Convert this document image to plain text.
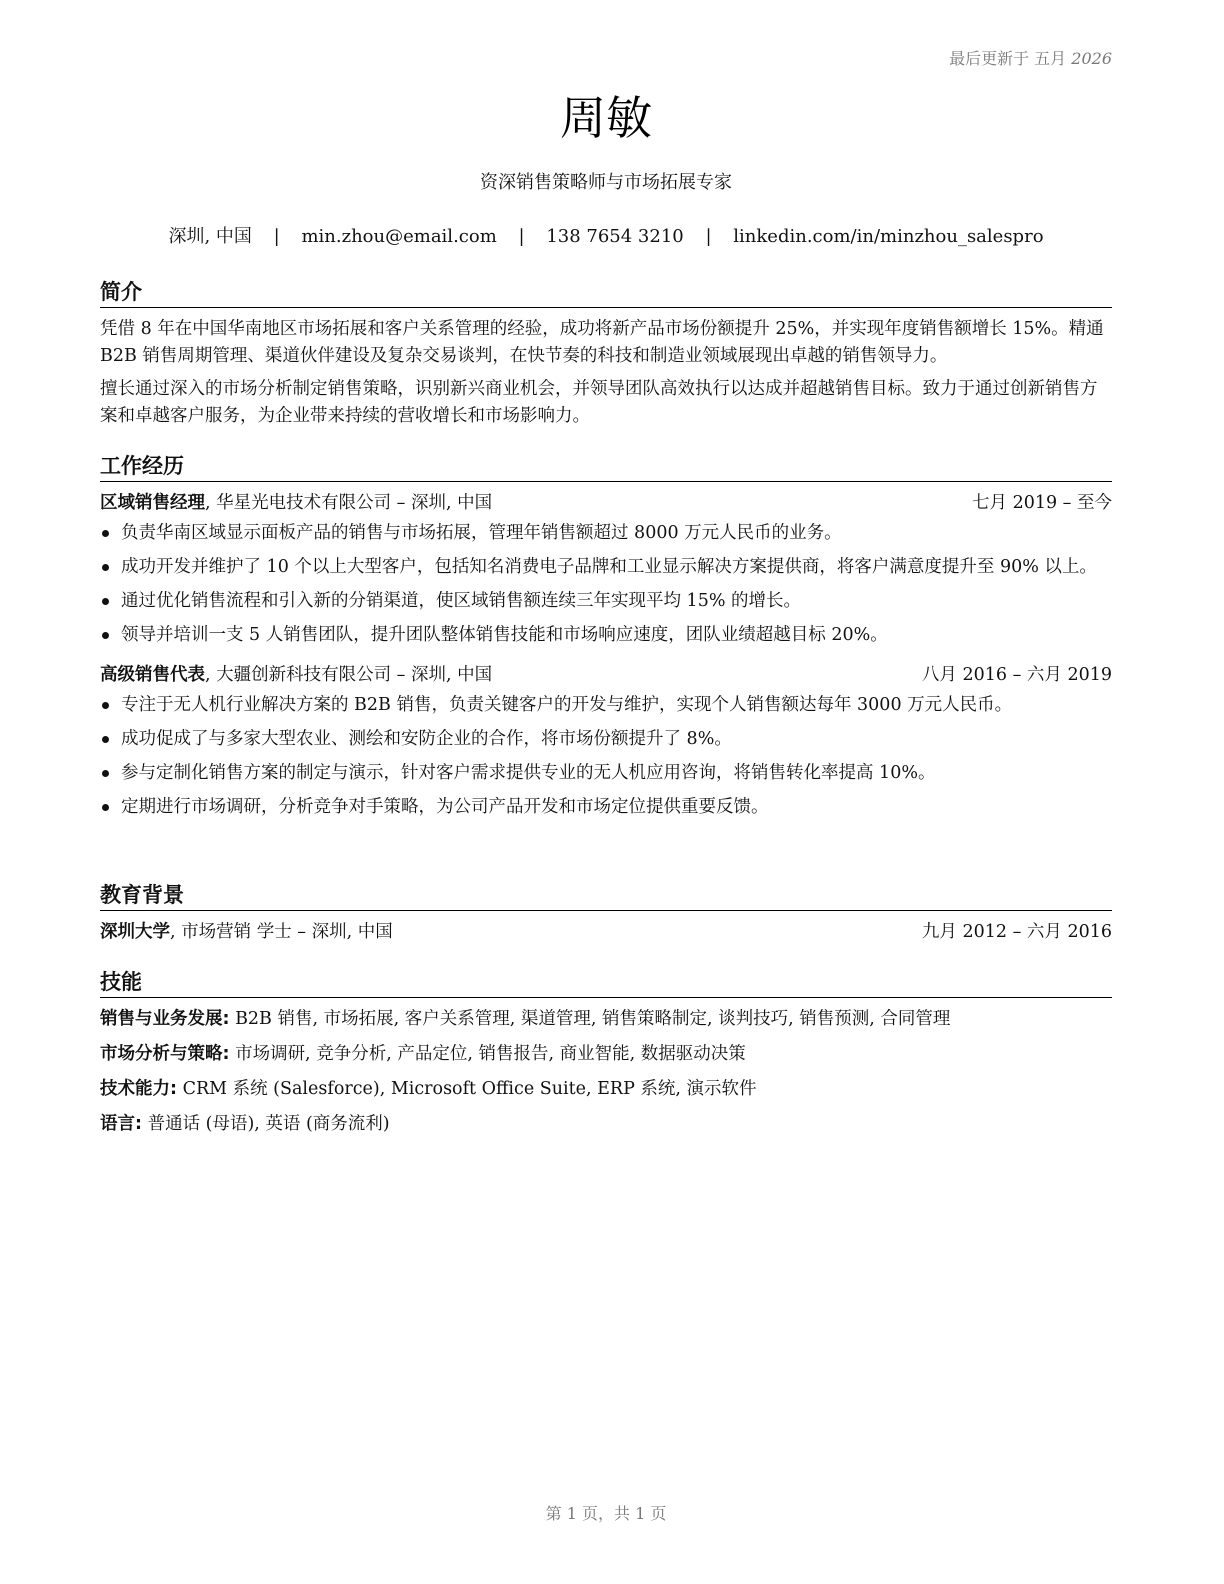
最后更新于 五月 2026
周敏
资深销售策略师与市场拓展专家
深圳, 中国 | min.zhou@email.com | 138 7654 3210 | linkedin.com/in/minzhou_salespro
简介

凭借 8 年在中国华南地区市场拓展和客户关系管理的经验，成功将新产品市场份额提升 25%，并实现年度销售额增长 15%。精通B2B 销售周期管理、渠道伙伴建设及复杂交易谈判，在快节奏的科技和制造业领域展现出卓越的销售领导力。

擅长通过深入的市场分析制定销售策略，识别新兴商业机会，并领导团队高效执行以达成并超越销售目标。致力于通过创新销售方案和卓越客户服务，为企业带来持续的营收增长和市场影响力。

工作经历
区域销售经理, 华星光电技术有限公司 – 深圳, 中国	七月 2019 – 至今
负责华南区域显示面板产品的销售与市场拓展，管理年销售额超过 8000 万元人民币的业务。
成功开发并维护了 10 个以上大型客户，包括知名消费电子品牌和工业显示解决方案提供商，将客户满意度提升至 90% 以上。
通过优化销售流程和引入新的分销渠道，使区域销售额连续三年实现平均 15% 的增长。
领导并培训一支 5 人销售团队，提升团队整体销售技能和市场响应速度，团队业绩超越目标 20%。
高级销售代表, 大疆创新科技有限公司 – 深圳, 中国	八月 2016 – 六月 2019
专注于无人机行业解决方案的 B2B 销售，负责关键客户的开发与维护，实现个人销售额达每年 3000 万元人民币。
成功促成了与多家大型农业、测绘和安防企业的合作，将市场份额提升了 8%。
参与定制化销售方案的制定与演示，针对客户需求提供专业的无人机应用咨询，将销售转化率提高 10%。
定期进行市场调研，分析竞争对手策略，为公司产品开发和市场定位提供重要反馈。
教育背景
深圳大学, 市场营销 学士 – 深圳, 中国	九月 2012 – 六月 2016
技能
销售与业务发展: B2B 销售, 市场拓展, 客户关系管理, 渠道管理, 销售策略制定, 谈判技巧, 销售预测, 合同管理
市场分析与策略: 市场调研, 竞争分析, 产品定位, 销售报告, 商业智能, 数据驱动决策
技术能力: CRM 系统 (Salesforce), Microsoft Office Suite, ERP 系统, 演示软件
语言: 普通话 (母语), 英语 (商务流利)
第 1 页，共 1 页
